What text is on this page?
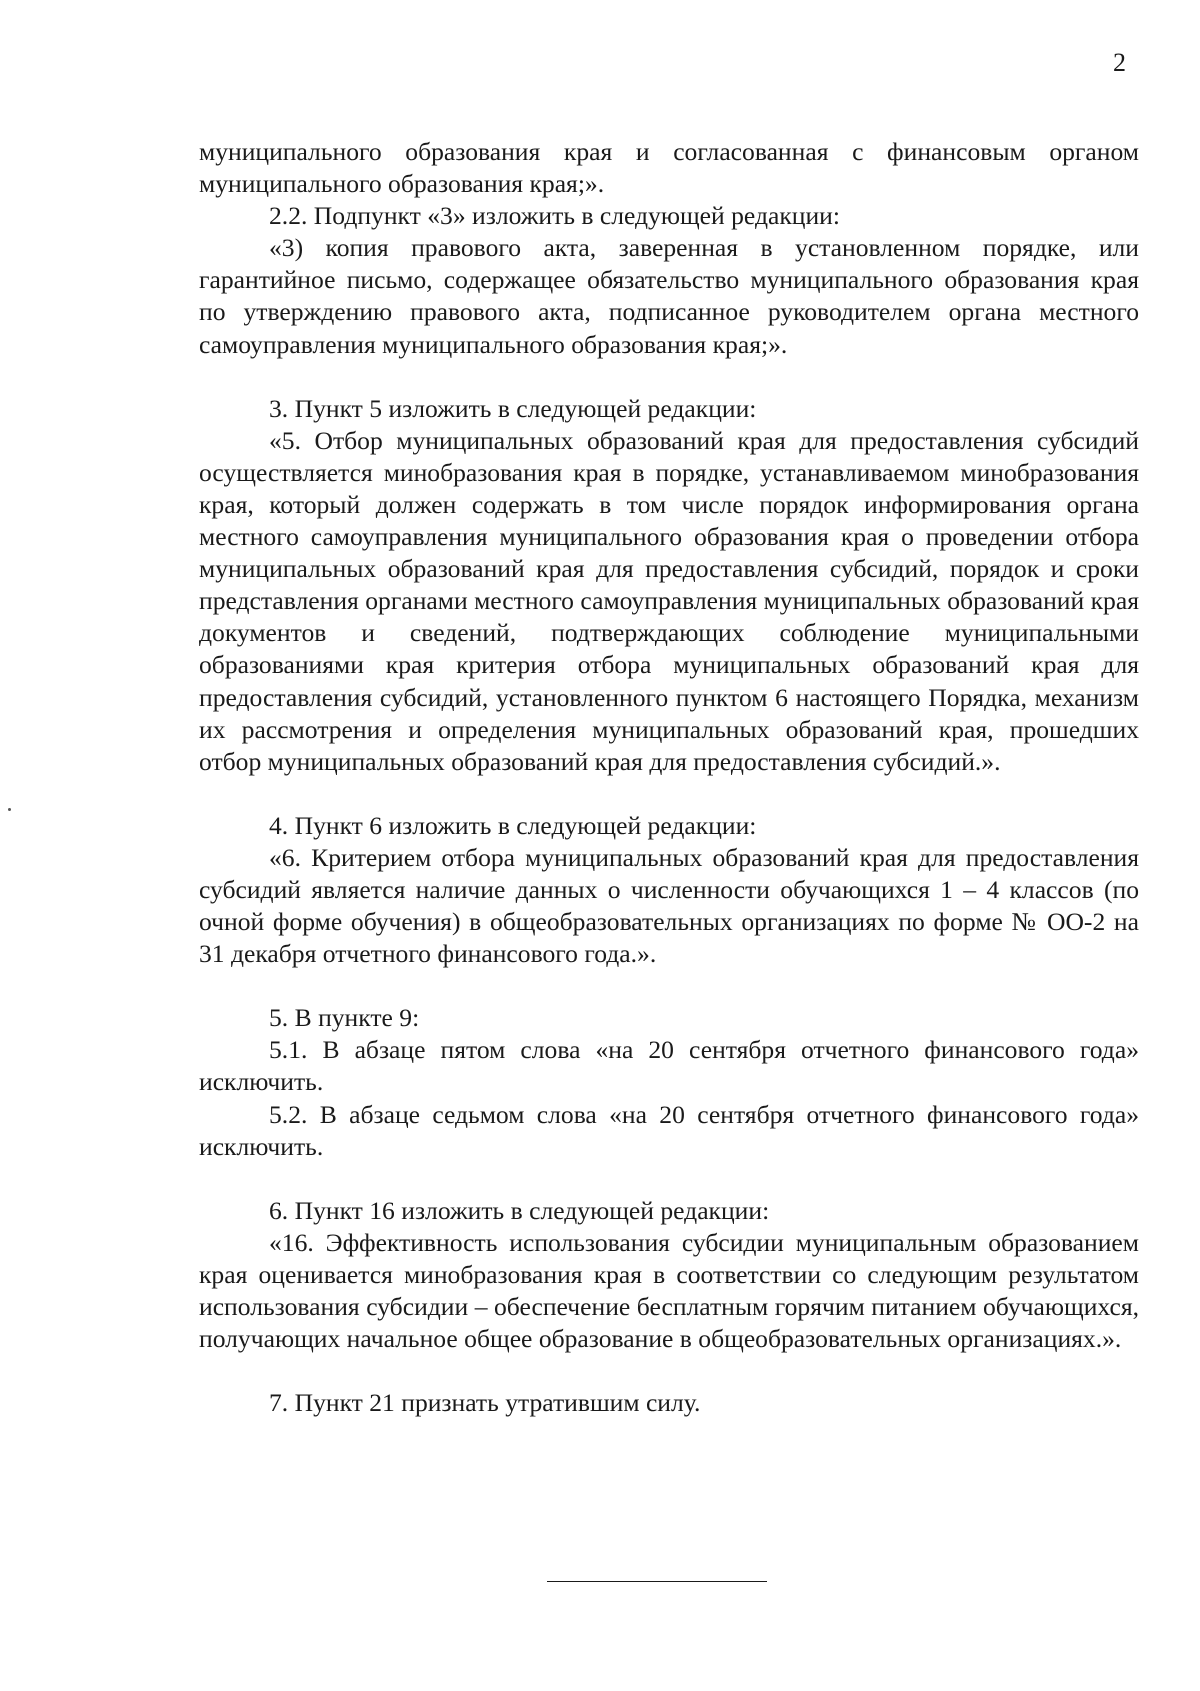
2

муниципального образования края и согласованная с финансовым органом муниципального образования края;».

2.2. Подпункт «3» изложить в следующей редакции:

«3) копия правового акта, заверенная в установленном порядке, или гарантийное письмо, содержащее обязательство муниципального образования края по утверждению правового акта, подписанное руководителем органа местного самоуправления муниципального образования края;».

3. Пункт 5 изложить в следующей редакции:

«5. Отбор муниципальных образований края для предоставления субсидий осуществляется минобразования края в порядке, устанавливаемом минобразования края, который должен содержать в том числе порядок информирования органа местного самоуправления муниципального образования края о проведении отбора муниципальных образований края для предоставления субсидий, порядок и сроки представления органами местного самоуправления муниципальных образований края документов и сведений, подтверждающих соблюдение муниципальными образованиями края критерия отбора муниципальных образований края для предоставления субсидий, установленного пунктом 6 настоящего Порядка, механизм их рассмотрения и определения муниципальных образований края, прошедших отбор муниципальных образований края для предоставления субсидий.».

4. Пункт 6 изложить в следующей редакции:

«6. Критерием отбора муниципальных образований края для предоставления субсидий является наличие данных о численности обучающихся 1 – 4 классов (по очной форме обучения) в общеобразовательных организациях по форме № ОО-2 на 31 декабря отчетного финансового года.».

5. В пункте 9:

5.1. В абзаце пятом слова «на 20 сентября отчетного финансового года» исключить.

5.2. В абзаце седьмом слова «на 20 сентября отчетного финансового года» исключить.

6. Пункт 16 изложить в следующей редакции:

«16. Эффективность использования субсидии муниципальным образованием края оценивается минобразования края в соответствии со следующим результатом использования субсидии – обеспечение бесплатным горячим питанием обучающихся, получающих начальное общее образование в общеобразовательных организациях.».

7. Пункт 21 признать утратившим силу.
